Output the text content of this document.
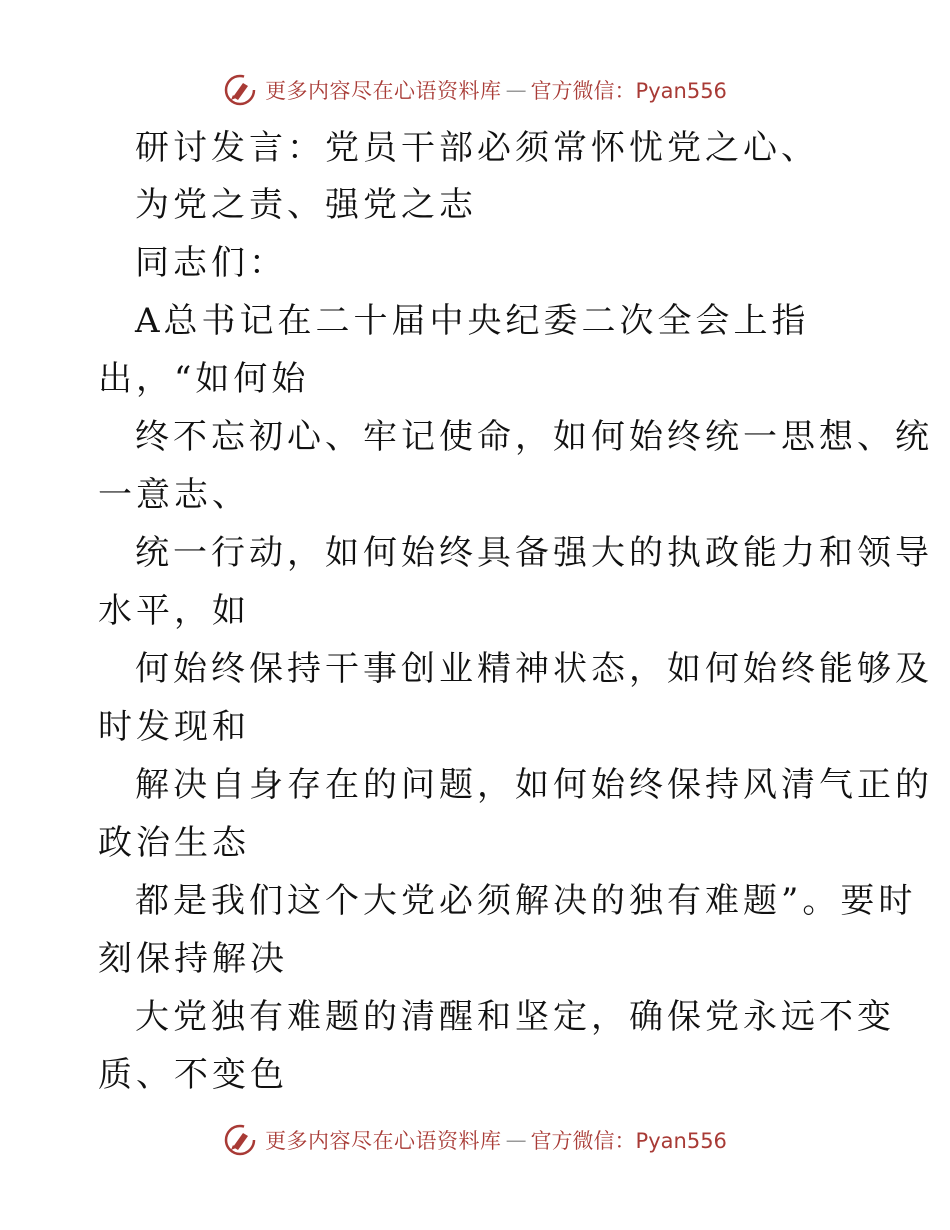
更多内容尽在心语资料库 — 官方微信：Pyan556
研讨发言：党员干部必须常怀忧党之心、
为党之责、强党之志
同志们：
A总书记在二十届中央纪委二次全会上指
出，“如何始
终不忘初心、牢记使命，如何始终统一思想、统
一意志、
统一行动，如何始终具备强大的执政能力和领导
水平，如
何始终保持干事创业精神状态，如何始终能够及
时发现和
解决自身存在的问题，如何始终保持风清气正的
政治生态
都是我们这个大党必须解决的独有难题”。要时
刻保持解决
大党独有难题的清醒和坚定，确保党永远不变
质、不变色
更多内容尽在心语资料库 — 官方微信：Pyan556
